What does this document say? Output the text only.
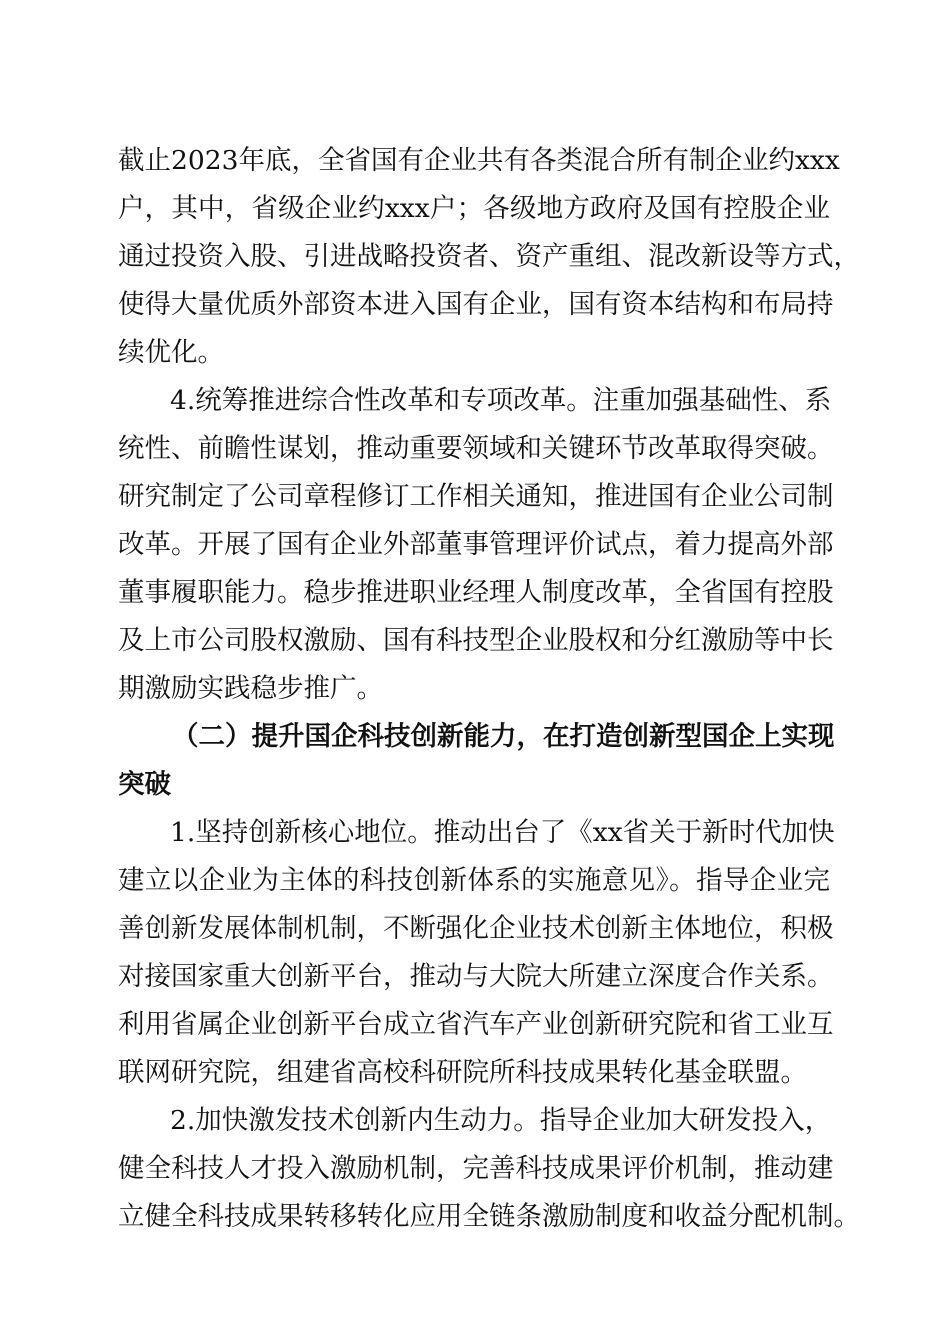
截止2023年底，全省国有企业共有各类混合所有制企业约xxx
户，其中，省级企业约xxx户；各级地方政府及国有控股企业
通过投资入股、引进战略投资者、资产重组、混改新设等方式，
使得大量优质外部资本进入国有企业，国有资本结构和布局持
续优化。
4.统筹推进综合性改革和专项改革。注重加强基础性、系
统性、前瞻性谋划，推动重要领域和关键环节改革取得突破。
研究制定了公司章程修订工作相关通知，推进国有企业公司制
改革。开展了国有企业外部董事管理评价试点，着力提高外部
董事履职能力。稳步推进职业经理人制度改革，全省国有控股
及上市公司股权激励、国有科技型企业股权和分红激励等中长
期激励实践稳步推广。
（二）提升国企科技创新能力，在打造创新型国企上实现
突破
1.坚持创新核心地位。推动出台了《xx省关于新时代加快
建立以企业为主体的科技创新体系的实施意见》。指导企业完
善创新发展体制机制，不断强化企业技术创新主体地位，积极
对接国家重大创新平台，推动与大院大所建立深度合作关系。
利用省属企业创新平台成立省汽车产业创新研究院和省工业互
联网研究院，组建省高校科研院所科技成果转化基金联盟。
2.加快激发技术创新内生动力。指导企业加大研发投入，
健全科技人才投入激励机制，完善科技成果评价机制，推动建
立健全科技成果转移转化应用全链条激励制度和收益分配机制。
